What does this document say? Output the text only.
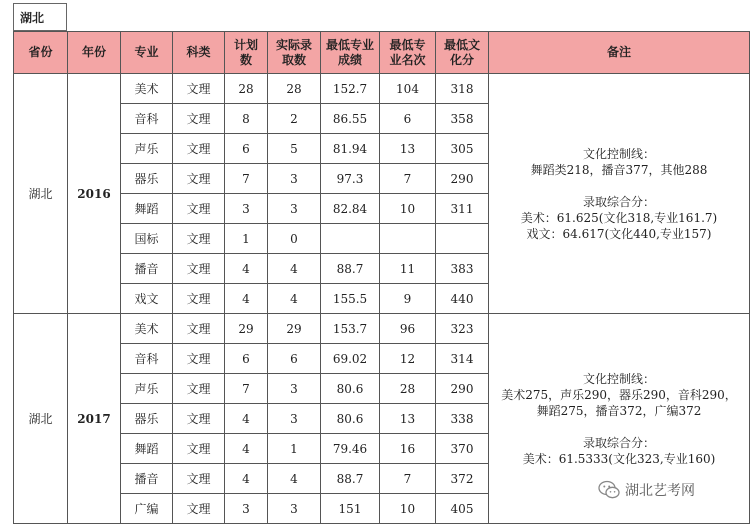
湖北
省份	年份	专业	科类	计划数	实际录取数	最低专业成绩	最低专业名次	最低文化分	备注
湖北	2016	美术	文理	28	28	152.7	104	318	文化控制线：
舞蹈类218，播音377，其他288
录取综合分：
美术：61.625(文化318,专业161.7)
戏文：64.617(文化440,专业157)

		音科	文理	8	2	86.55	6	358	
		声乐	文理	6	5	81.94	13	305	
		器乐	文理	7	3	97.3	7	290	
		舞蹈	文理	3	3	82.84	10	311	
		国标	文理	1	0				
		播音	文理	4	4	88.7	11	383	
		戏文	文理	4	4	155.5	9	440	
湖北	2017	美术	文理	29	29	153.7	96	323	文化控制线：
美术275，声乐290，器乐290，音科290，
舞蹈275，播音372，广编372
录取综合分：
美术：61.5333(文化323,专业160)

		音科	文理	6	6	69.02	12	314	
		声乐	文理	7	3	80.6	28	290	
		器乐	文理	4	3	80.6	13	338	
		舞蹈	文理	4	1	79.46	16	370	
		播音	文理	4	4	88.7	7	372	
		广编	文理	3	3	151	10	405	
湖北艺考网
